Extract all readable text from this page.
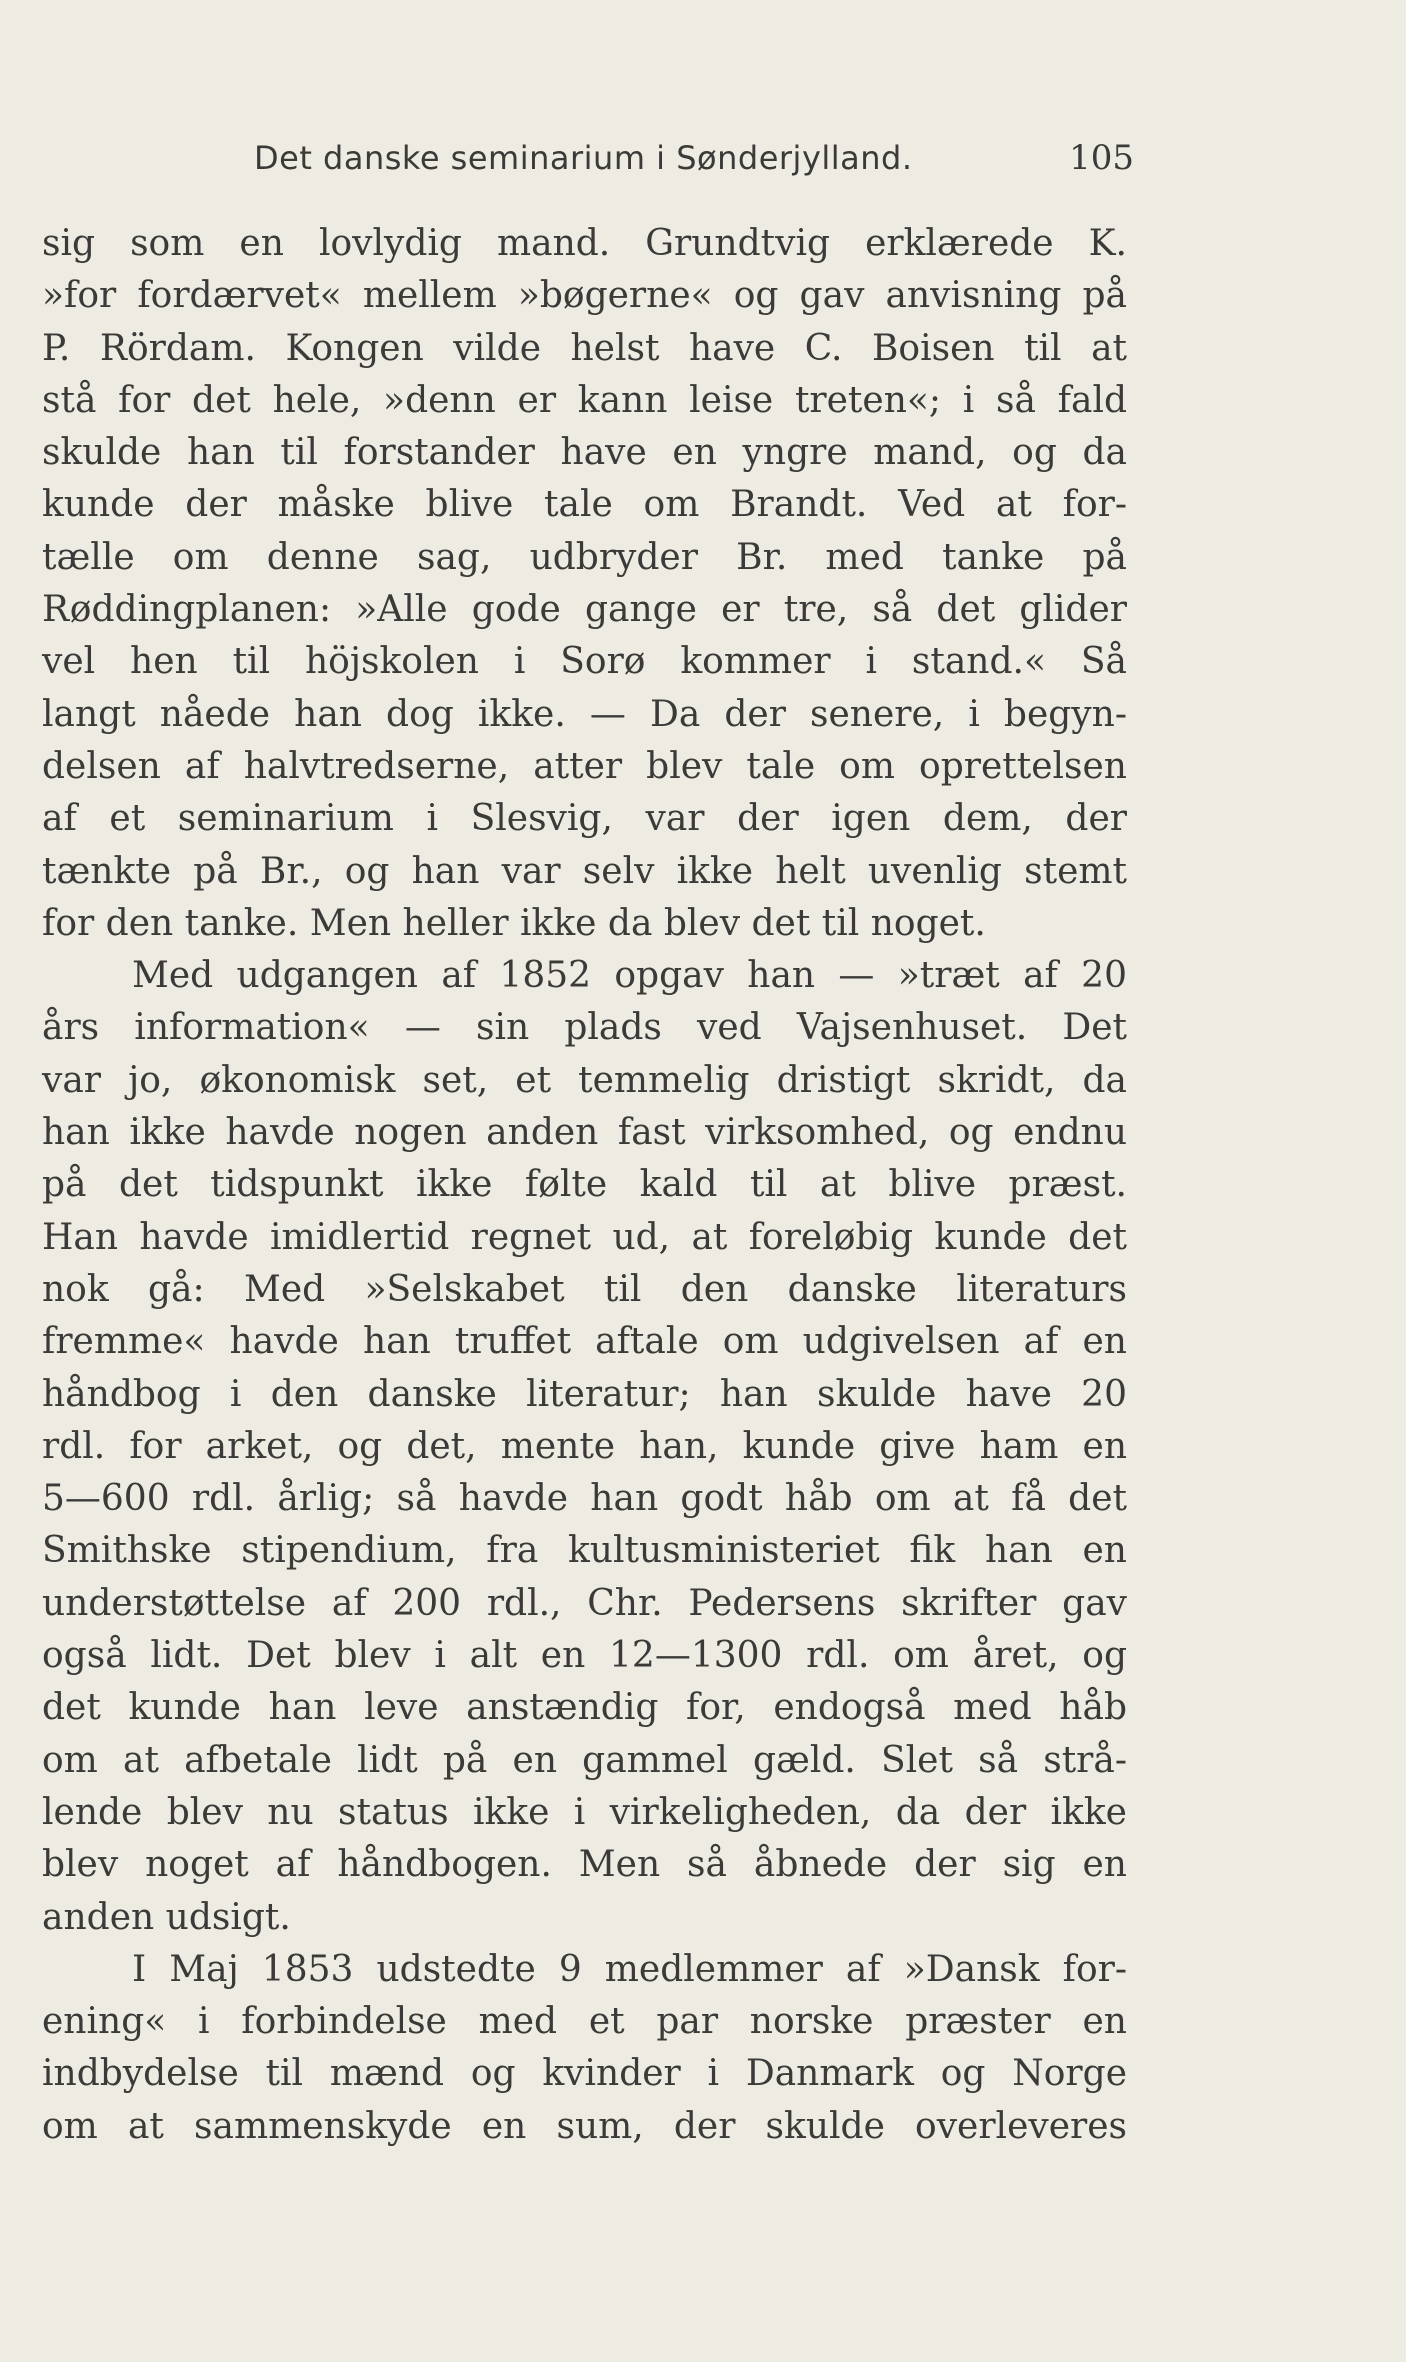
Det danske seminarium i Sønderjylland.	105
sig som en lovlydig mand. Grundtvig erklærede K.
»for fordærvet« mellem »bøgerne« og gav anvisning på
P. Rördam. Kongen vilde helst have C. Boisen til at
stå for det hele, »denn er kann leise treten«; i så fald
skulde han til forstander have en yngre mand, og da
kunde der måske blive tale om Brandt. Ved at for-
tælle om denne sag, udbryder Br. med tanke på
Røddingplanen: »Alle gode gange er tre, så det glider
vel hen til höjskolen i Sorø kommer i stand.« Så
langt nåede han dog ikke. — Da der senere, i begyn-
delsen af halvtredserne, atter blev tale om oprettelsen
af et seminarium i Slesvig, var der igen dem, der
tænkte på Br., og han var selv ikke helt uvenlig stemt
for den tanke. Men heller ikke da blev det til noget.
Med udgangen af 1852 opgav han — »træt af 20
års information« — sin plads ved Vajsenhuset. Det
var jo, økonomisk set, et temmelig dristigt skridt, da
han ikke havde nogen anden fast virksomhed, og endnu
på det tidspunkt ikke følte kald til at blive præst.
Han havde imidlertid regnet ud, at foreløbig kunde det
nok gå: Med »Selskabet til den danske literaturs
fremme« havde han truffet aftale om udgivelsen af en
håndbog i den danske literatur; han skulde have 20
rdl. for arket, og det, mente han, kunde give ham en
5—600 rdl. årlig; så havde han godt håb om at få det
Smithske stipendium, fra kultusministeriet fik han en
understøttelse af 200 rdl., Chr. Pedersens skrifter gav
også lidt. Det blev i alt en 12—1300 rdl. om året, og
det kunde han leve anstændig for, endogså med håb
om at afbetale lidt på en gammel gæld. Slet så strå-
lende blev nu status ikke i virkeligheden, da der ikke
blev noget af håndbogen. Men så åbnede der sig en
anden udsigt.
I Maj 1853 udstedte 9 medlemmer af »Dansk for-
ening« i forbindelse med et par norske præster en
indbydelse til mænd og kvinder i Danmark og Norge
om at sammenskyde en sum, der skulde overleveres
